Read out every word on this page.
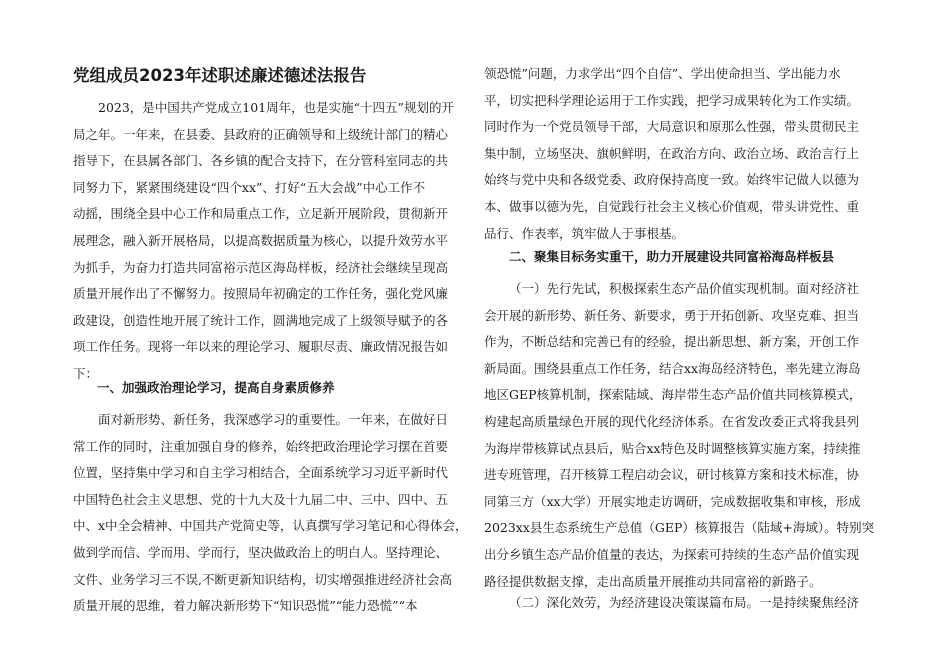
党组成员2023年述职述廉述德述法报告
2023，是中国共产党成立101周年，也是实施“十四五”规划的开
局之年。一年来，在县委、县政府的正确领导和上级统计部门的精心
指导下，在县属各部门、各乡镇的配合支持下，在分管科室同志的共
同努力下，紧紧围绕建设“四个xx”、打好“五大会战”中心工作不
动摇，围绕全县中心工作和局重点工作，立足新开展阶段，贯彻新开
展理念，融入新开展格局，以提高数据质量为核心，以提升效劳水平
为抓手，为奋力打造共同富裕示范区海岛样板，经济社会继续呈现高
质量开展作出了不懈努力。按照局年初确定的工作任务，强化党风廉
政建设，创造性地开展了统计工作，圆满地完成了上级领导赋予的各
项工作任务。现将一年以来的理论学习、履职尽责、廉政情况报告如
下：
一、加强政治理论学习，提高自身素质修养
面对新形势、新任务，我深感学习的重要性。一年来，在做好日
常工作的同时，注重加强自身的修养，始终把政治理论学习摆在首要
位置，坚持集中学习和自主学习相结合，全面系统学习习近平新时代
中国特色社会主义思想、党的十九大及十九届二中、三中、四中、五
中、x中全会精神、中国共产党简史等，认真撰写学习笔记和心得体会，
做到学而信、学而用、学而行，坚决做政治上的明白人。坚持理论、
文件、业务学习三不误,不断更新知识结构，切实增强推进经济社会高
质量开展的思维，着力解决新形势下“知识恐慌”“能力恐慌”“本
领恐慌”问题，力求学出“四个自信”、学出使命担当、学出能力水
平，切实把科学理论运用于工作实践，把学习成果转化为工作实绩。
同时作为一个党员领导干部，大局意识和原那么性强，带头贯彻民主
集中制，立场坚决、旗帜鲜明，在政治方向、政治立场、政治言行上
始终与党中央和各级党委、政府保持高度一致。始终牢记做人以德为
本、做事以德为先，自觉践行社会主义核心价值观，带头讲党性、重
品行、作表率，筑牢做人于事根基。
二、聚集目标务实重干，助力开展建设共同富裕海岛样板县
（一）先行先试，积极探索生态产品价值实现机制。面对经济社
会开展的新形势、新任务、新要求，勇于开拓创新、攻坚克难、担当
作为，不断总结和完善已有的经验，提出新思想、新方案，开创工作
新局面。围绕县重点工作任务，结合xx海岛经济特色，率先建立海岛
地区GEP核算机制，探索陆域、海岸带生态产品价值共同核算模式，
构建起高质量绿色开展的现代化经济体系。在省发改委正式将我县列
为海岸带核算试点县后，贴合xx特色及时调整核算实施方案，持续推
进专班管理，召开核算工程启动会议，研讨核算方案和技术标准，协
同第三方（xx大学）开展实地走访调研，完成数据收集和审核，形成
2023xx县生态系统生产总值（GEP）核算报告（陆域+海域）。特别突
出分乡镇生态产品价值量的表达，为探索可持续的生态产品价值实现
路径提供数据支撑，走出高质量开展推动共同富裕的新路子。
（二）深化效劳，为经济建设决策谋篇布局。一是持续聚焦经济
